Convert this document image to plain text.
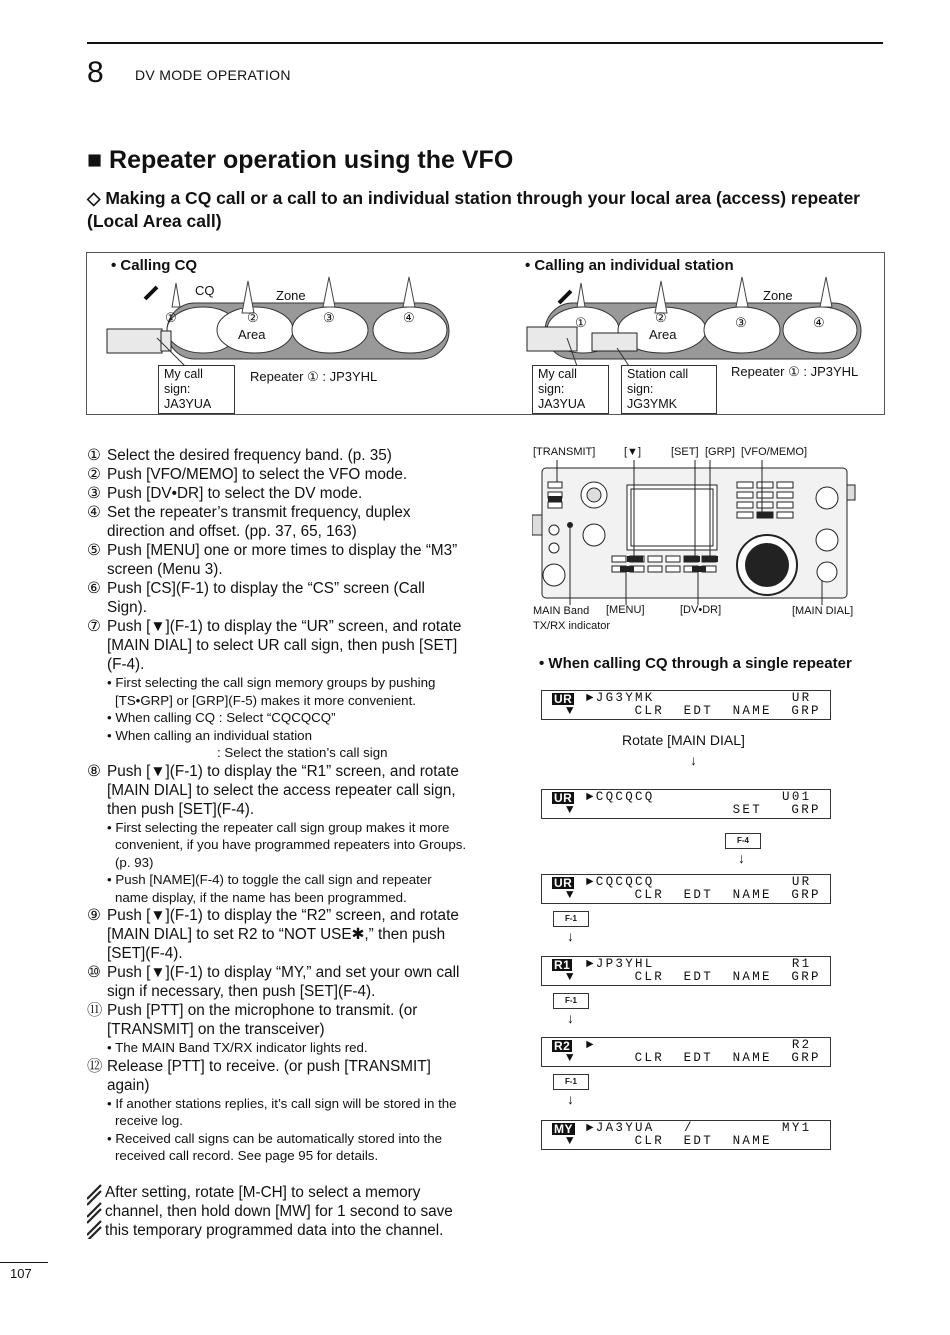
8 DV MODE OPERATION
■ Repeater operation using the VFO
◇ Making a CQ call or a call to an individual station through your local area (access) repeater (Local Area call)
• Calling CQ
CQ	Zone
Area
①	②	③	④
My call sign:
JA3YUA
Repeater ① : JP3YHL
• Calling an individual station
Zone
Area
①	②	③	④
My call sign:
JA3YUA
Station call sign:
JG3YMK
Repeater ① : JP3YHL
① Select the desired frequency band. (p. 35)
② Push [VFO/MEMO] to select the VFO mode.
③ Push [DV•DR] to select the DV mode.
④ Set the repeater’s transmit frequency, duplex direction and offset. (pp. 37, 65, 163)
⑤ Push [MENU] one or more times to display the “M3” screen (Menu 3).
⑥ Push [CS](F-1) to display the “CS” screen (Call Sign).
⑦ Push [▼](F-1) to display the “UR” screen, and rotate [MAIN DIAL] to select UR call sign, then push [SET] (F-4).
• First selecting the call sign memory groups by pushing [TS•GRP] or [GRP](F-5) makes it more convenient.
• When calling CQ : Select “CQCQCQ”
• When calling an individual station
: Select the station’s call sign
⑧ Push [▼](F-1) to display the “R1” screen, and rotate [MAIN DIAL] to select the access repeater call sign, then push [SET](F-4).
• First selecting the repeater call sign group makes it more convenient, if you have programmed repeaters into Groups. (p. 93)
• Push [NAME](F-4) to toggle the call sign and repeater name display, if the name has been programmed.
⑨ Push [▼](F-1) to display the “R2” screen, and rotate [MAIN DIAL] to set R2 to “NOT USE✱,” then push [SET](F-4).
⑩ Push [▼](F-1) to display “MY,” and set your own call sign if necessary, then push [SET](F-4).
⑪ Push [PTT] on the microphone to transmit. (or [TRANSMIT] on the transceiver)
• The MAIN Band TX/RX indicator lights red.
⑫ Release [PTT] to receive. (or push [TRANSMIT] again)
• If another stations replies, it’s call sign will be stored in the receive log.
• Received call signs can be automatically stored into the received call record. See page 95 for details.
After setting, rotate [M-CH] to select a memory channel, then hold down [MW] for 1 second to save this temporary programmed data into the channel.
[TRANSMIT]	[▼]	[SET] [GRP] [VFO/MEMO]
MAIN Band
TX/RX indicator
[MENU]	[DV•DR]	[MAIN DIAL]
• When calling CQ through a single repeater
UR ►JG3YMK              UR
▼      CLR  EDT  NAME  GRP
Rotate [MAIN DIAL]
↓
UR ►CQCQCQ             U01
▼                SET   GRP
F-4
↓
UR ►CQCQCQ              UR
▼      CLR  EDT  NAME  GRP
F-1
↓
R1 ►JP3YHL              R1
▼      CLR  EDT  NAME  GRP
F-1
↓
R2 ►                    R2
▼      CLR  EDT  NAME  GRP
F-1
↓
MY ►JA3YUA   /         MY1
▼      CLR  EDT  NAME
107
